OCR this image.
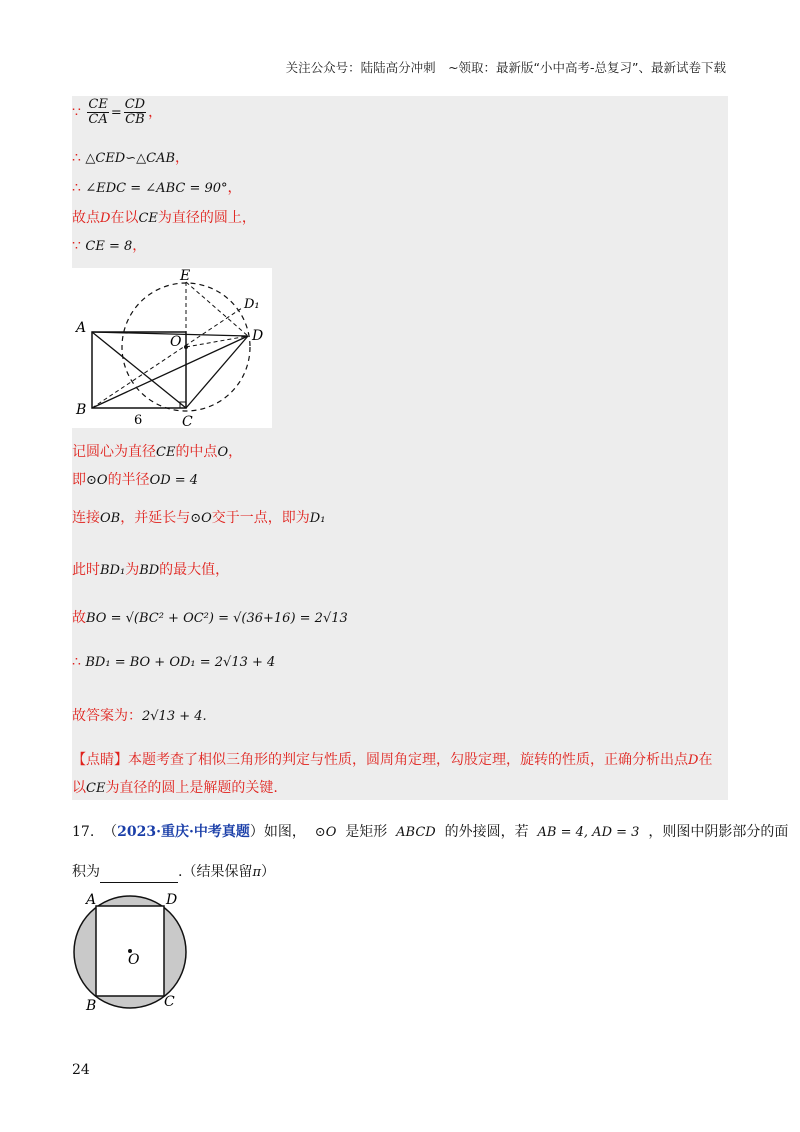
关注公众号：陆陆高分冲刺　~领取：最新版“小中高考-总复习”、最新试卷下载
∵ $\frac{CE}{CA} = \frac{CD}{CB}$ ，
∴ △CED∽△CAB，
∴ ∠EDC = ∠ABC = 90°，
故点D在以CE为直径的圆上，
∵ CE = 8，
E
D₁
A
O	D
B
C
6
记圆心为直径CE的中点O，
即⊙O的半径OD = 4
连接OB，并延长与⊙O交于一点，即为D₁
此时BD₁为BD的最大值，
故BO = √(BC² + OC²) = √(36+16) = 2√13
∴ BD₁ = BO + OD₁ = 2√13 + 4
故答案为：2√13 + 4.
【点睛】本题考查了相似三角形的判定与性质，圆周角定理，勾股定理，旋转的性质，正确分析出点D在
以CE为直径的圆上是解题的关键.
17. （2023·重庆·中考真题）如图， ⊙O 是矩形 ABCD 的外接圆，若 AB = 4, AD = 3 ，则图中阴影部分的面
积为	.（结果保留π）
A	D
O
B	C
24
